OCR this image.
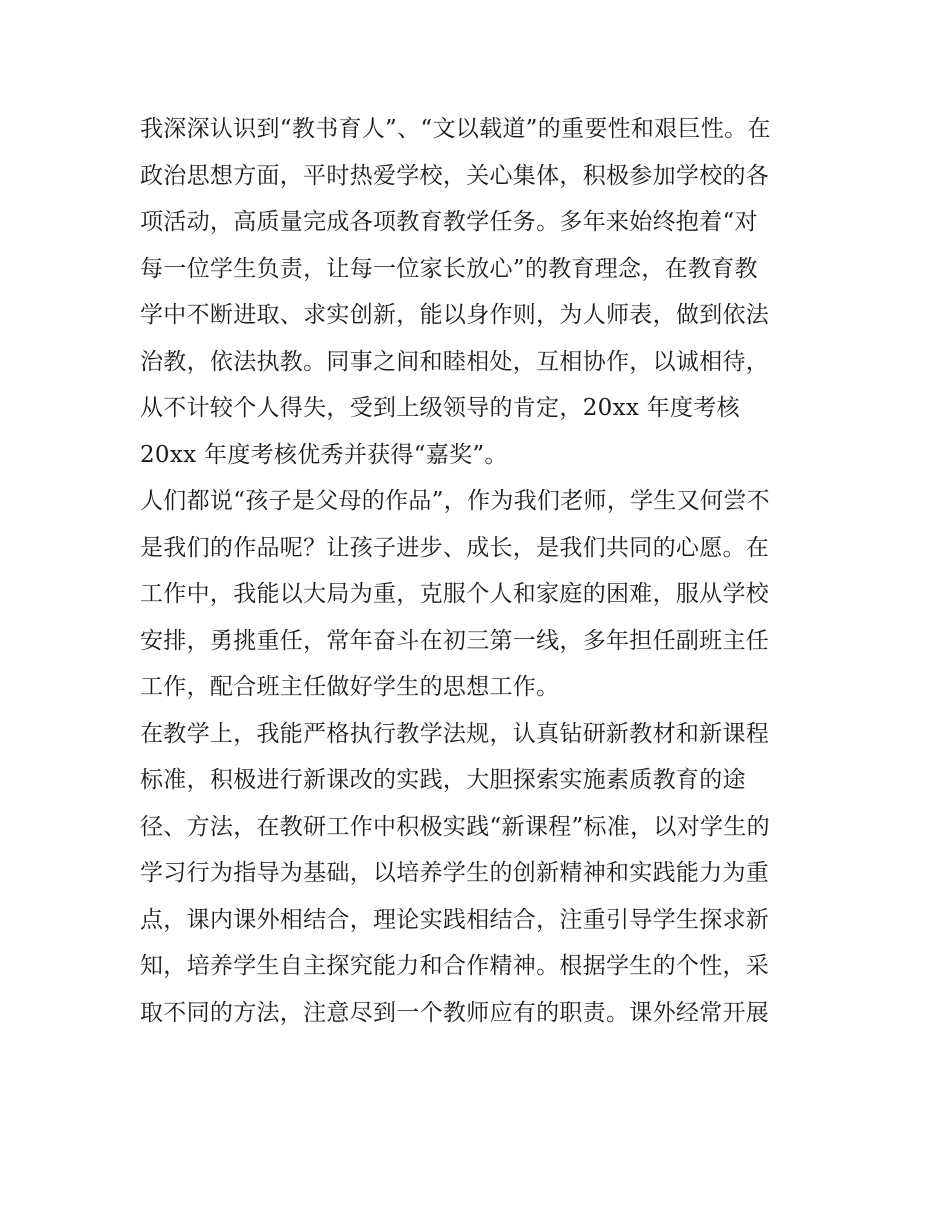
我深深认识到“教书育人”、“文以载道”的重要性和艰巨性。在
政治思想方面，平时热爱学校，关心集体，积极参加学校的各
项活动，高质量完成各项教育教学任务。多年来始终抱着“对
每一位学生负责，让每一位家长放心”的教育理念，在教育教
学中不断进取、求实创新，能以身作则，为人师表，做到依法
治教，依法执教。同事之间和睦相处，互相协作，以诚相待，
从不计较个人得失，受到上级领导的肯定，20xx 年度考核
20xx 年度考核优秀并获得“嘉奖”。
人们都说“孩子是父母的作品”，作为我们老师，学生又何尝不
是我们的作品呢？让孩子进步、成长，是我们共同的心愿。在
工作中，我能以大局为重，克服个人和家庭的困难，服从学校
安排，勇挑重任，常年奋斗在初三第一线，多年担任副班主任
工作，配合班主任做好学生的思想工作。
在教学上，我能严格执行教学法规，认真钻研新教材和新课程
标准，积极进行新课改的实践，大胆探索实施素质教育的途
径、方法，在教研工作中积极实践“新课程”标准，以对学生的
学习行为指导为基础，以培养学生的创新精神和实践能力为重
点，课内课外相结合，理论实践相结合，注重引导学生探求新
知，培养学生自主探究能力和合作精神。根据学生的个性，采
取不同的方法，注意尽到一个教师应有的职责。课外经常开展
